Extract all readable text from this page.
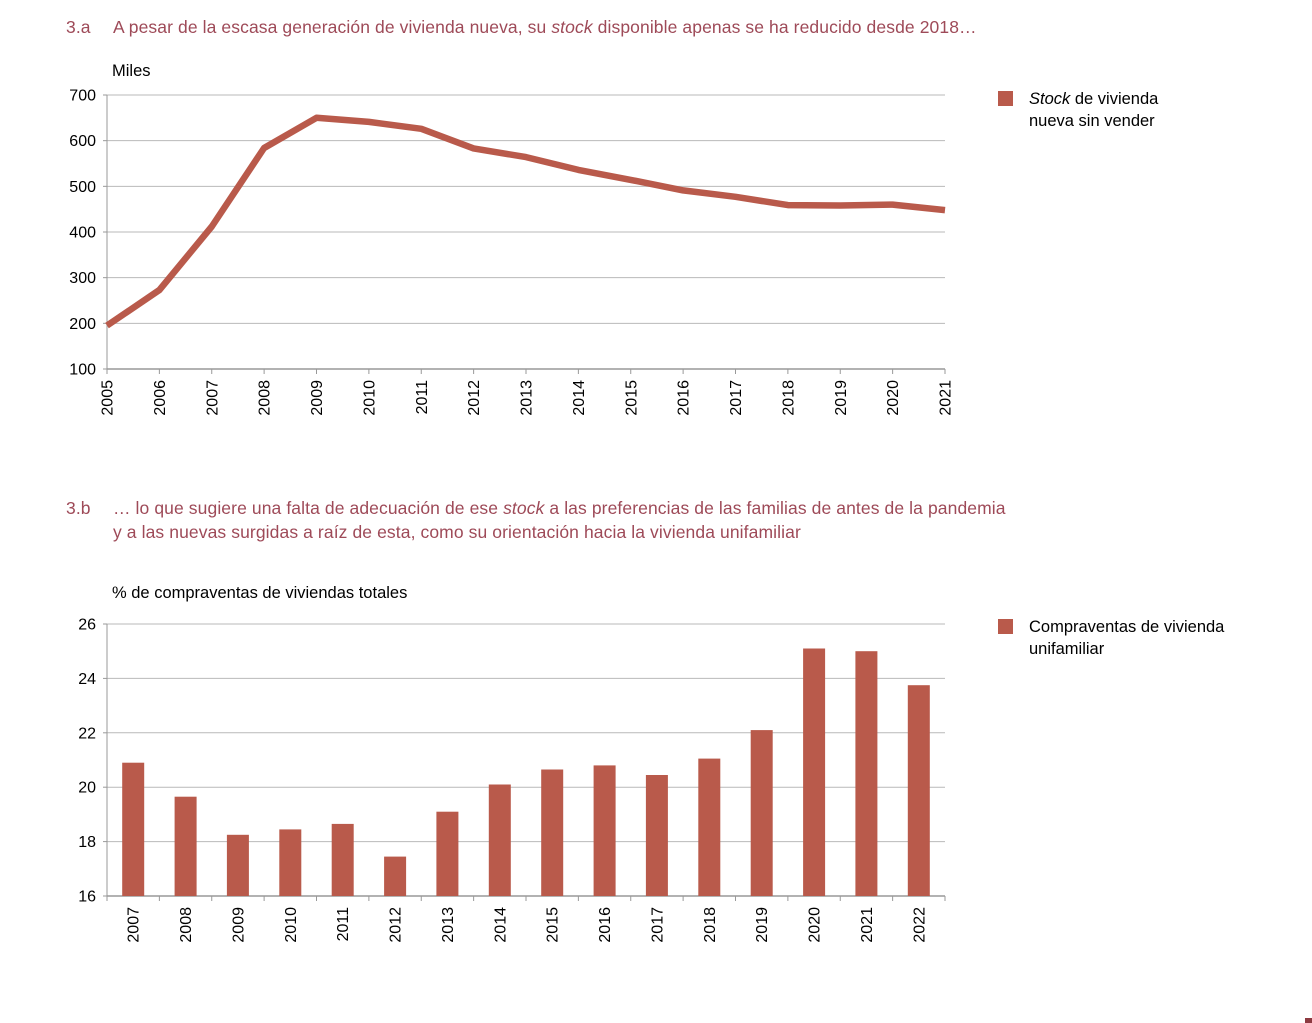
3.a	A pesar de la escasa generación de vivienda nueva, su stock disponible apenas se ha reducido desde 2018…
Miles
100
200
300
400
500
600
700
2005 2006 2007 2008 2009 2010 2011 2012 2013 2014 2015 2016 2017 2018 2019 2020 2021
Stock de vivienda
nueva sin vender
3.b	… lo que sugiere una falta de adecuación de ese stock a las preferencias de las familias de antes de la pandemia
y a las nuevas surgidas a raíz de esta, como su orientación hacia la vivienda unifamiliar
% de compraventas de viviendas totales
16
18
20
22
24
26
2007 2008 2009 2010 2011 2012 2013 2014 2015 2016 2017 2018 2019 2020 2021 2022
Compraventas de vivienda
unifamiliar
